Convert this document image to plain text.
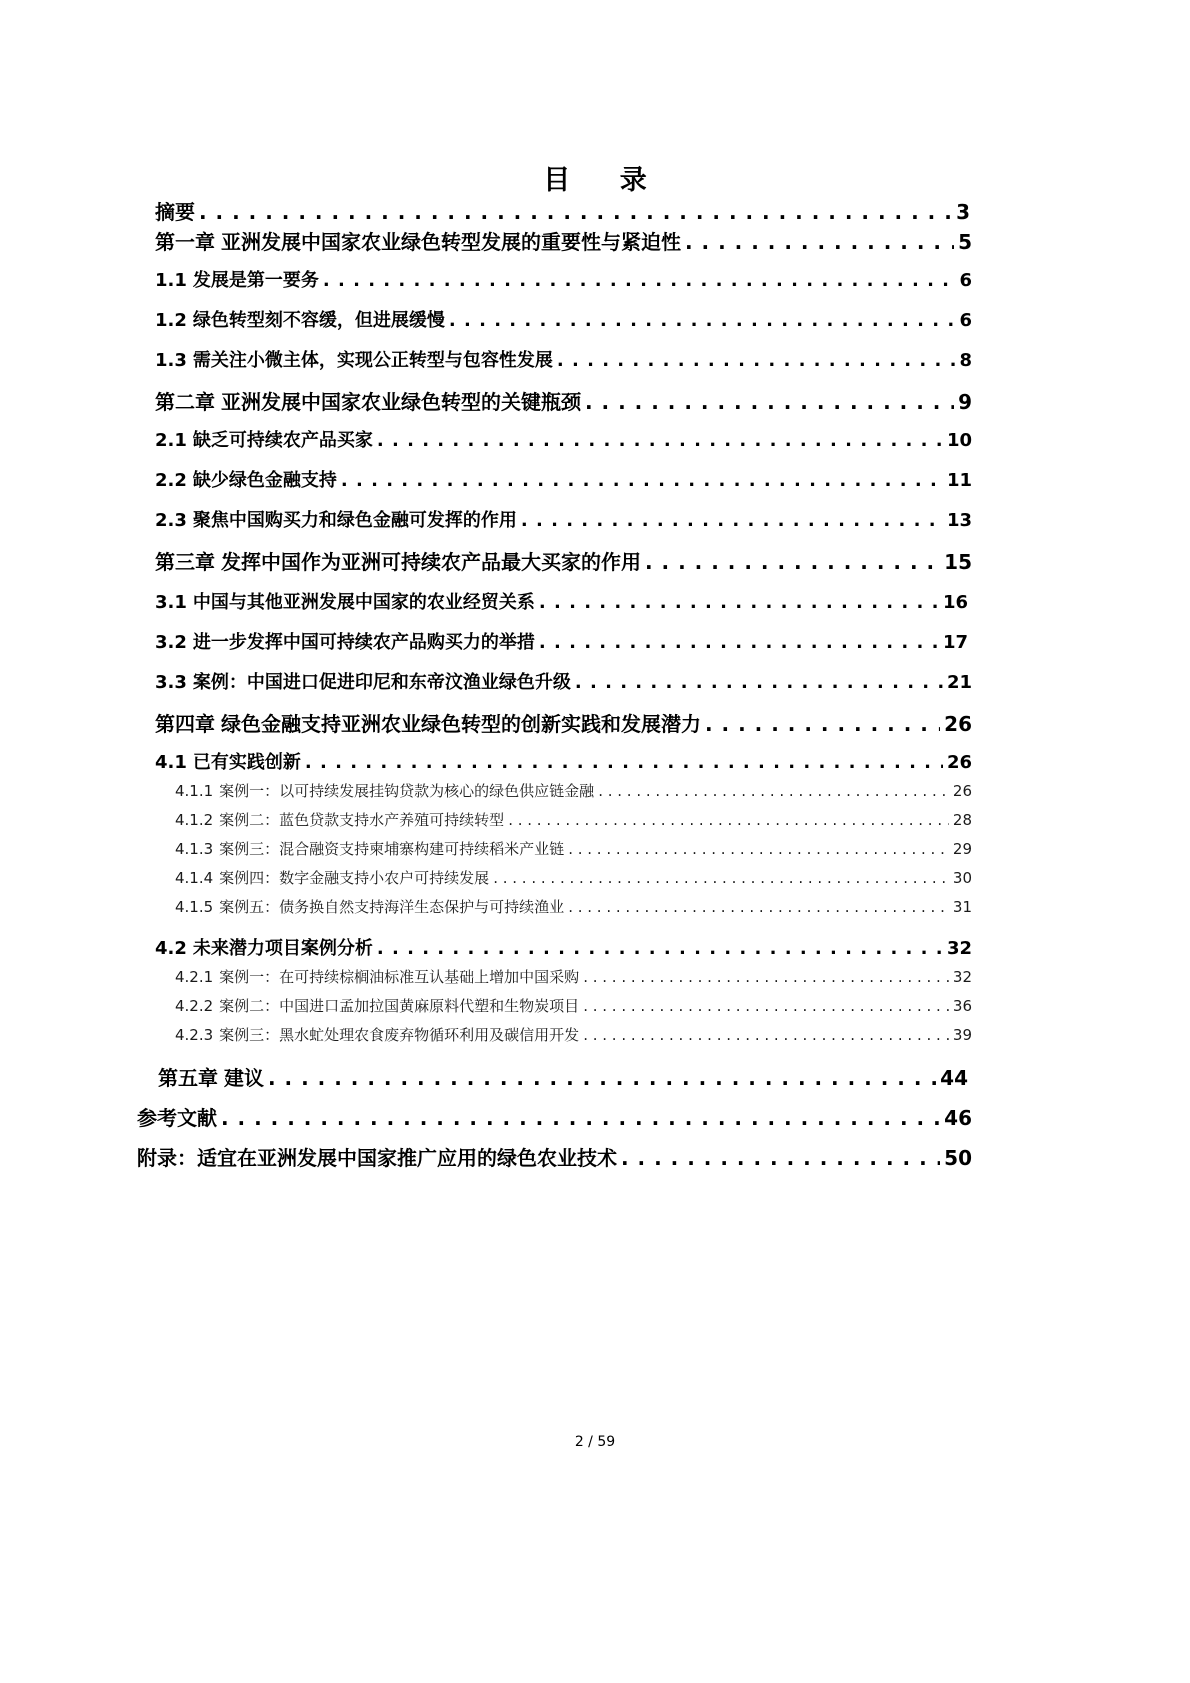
目 录
摘要 . . .	3
第一章 亚洲发展中国家农业绿色转型发展的重要性与紧迫性 . . .	5
1.1 发展是第一要务 . . .	6
1.2 绿色转型刻不容缓，但进展缓慢 . . .	6
1.3 需关注小微主体，实现公正转型与包容性发展 . . .	8
第二章 亚洲发展中国家农业绿色转型的关键瓶颈 . . .	9
2.1 缺乏可持续农产品买家 . . .	10
2.2 缺少绿色金融支持 . . .	11
2.3 聚焦中国购买力和绿色金融可发挥的作用 . . .	13
第三章 发挥中国作为亚洲可持续农产品最大买家的作用 . . .	15
3.1 中国与其他亚洲发展中国家的农业经贸关系 . . .	16
3.2 进一步发挥中国可持续农产品购买力的举措 . . .	17
3.3 案例：中国进口促进印尼和东帝汶渔业绿色升级 . . .	21
第四章 绿色金融支持亚洲农业绿色转型的创新实践和发展潜力 . . .	26
4.1 已有实践创新 . . .	26
4.1.1 案例一：以可持续发展挂钩贷款为核心的绿色供应链金融 . . .	26
4.1.2 案例二：蓝色贷款支持水产养殖可持续转型 . . .	28
4.1.3 案例三：混合融资支持柬埔寨构建可持续稻米产业链 . . .	29
4.1.4 案例四：数字金融支持小农户可持续发展 . . .	30
4.1.5 案例五：债务换自然支持海洋生态保护与可持续渔业 . . .	31
4.2 未来潜力项目案例分析 . . .	32
4.2.1 案例一：在可持续棕榈油标准互认基础上增加中国采购 . . .	32
4.2.2 案例二：中国进口孟加拉国黄麻原料代塑和生物炭项目 . . .	36
4.2.3 案例三：黑水虻处理农食废弃物循环利用及碳信用开发 . . .	39
第五章 建议 . . .	44
参考文献 . . .	46
附录：适宜在亚洲发展中国家推广应用的绿色农业技术 . . .	50
2 / 59
